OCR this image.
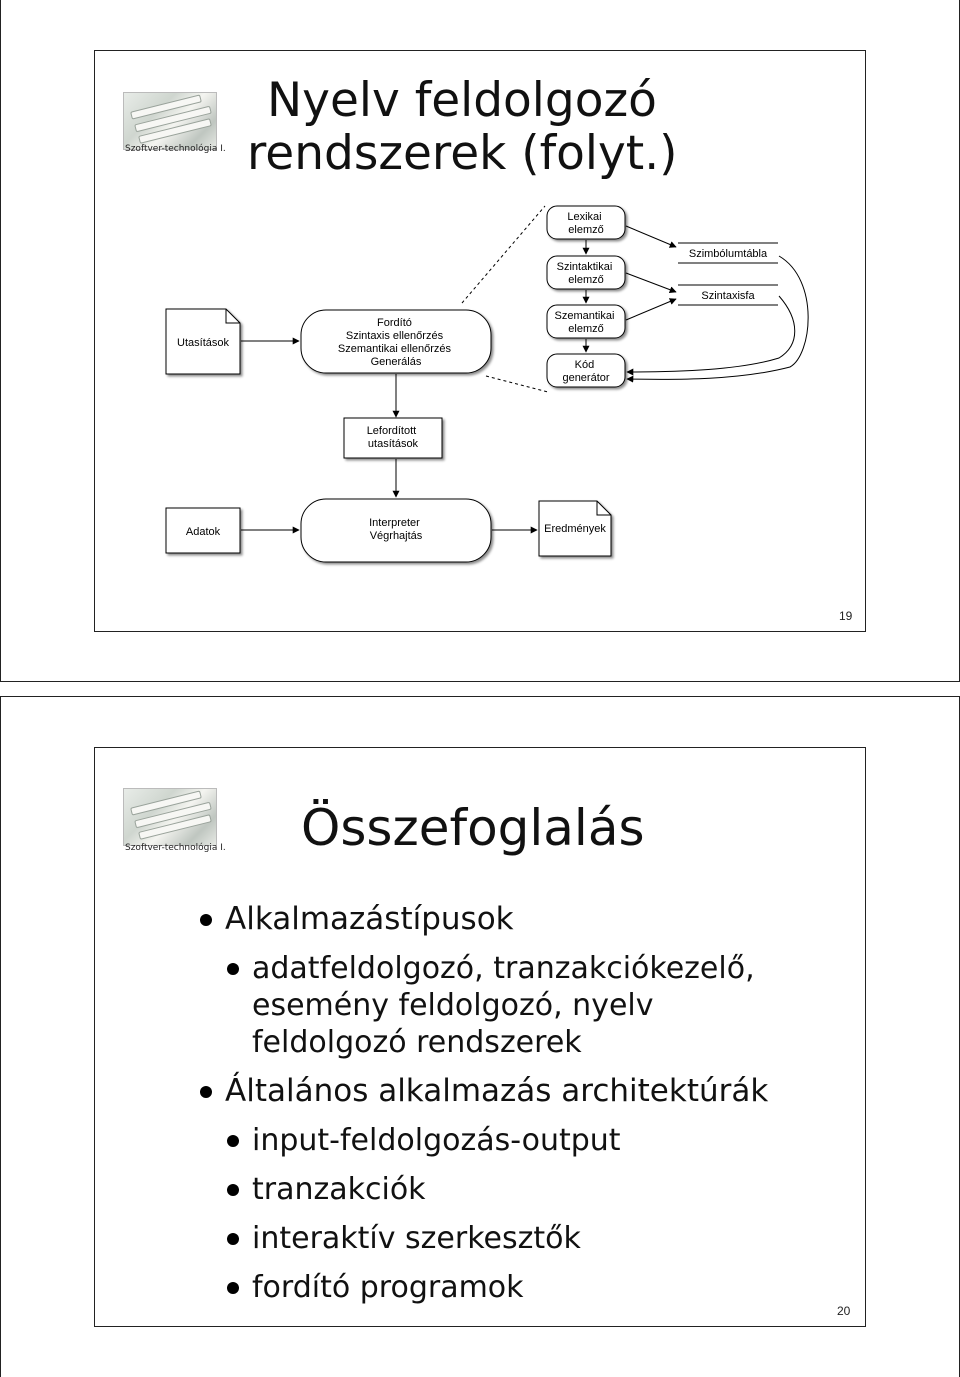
Szoftver-technológia I.
Nyelv feldolgozó
rendszerek (folyt.)
19
Utasítások
Fordító Szintaxis ellenőrzés Szemantikai ellenőrzés Generálás
Lexikai elemző
Szintaktikai elemző
Szemantikai elemző
Kód generátor
Szimbólumtábla
Szintaxisfa
Lefordított utasítások
Adatok
Interpreter Végrhajtás
Eredmények
Szoftver-technológia I. Összefoglalás
Alkalmazástípusok
adatfeldolgozó, tranzakciókezelő,
esemény feldolgozó, nyelv
feldolgozó rendszerek
Általános alkalmazás architektúrák
input-feldolgozás-output
tranzakciók
interaktív szerkesztők
fordító programok
20
